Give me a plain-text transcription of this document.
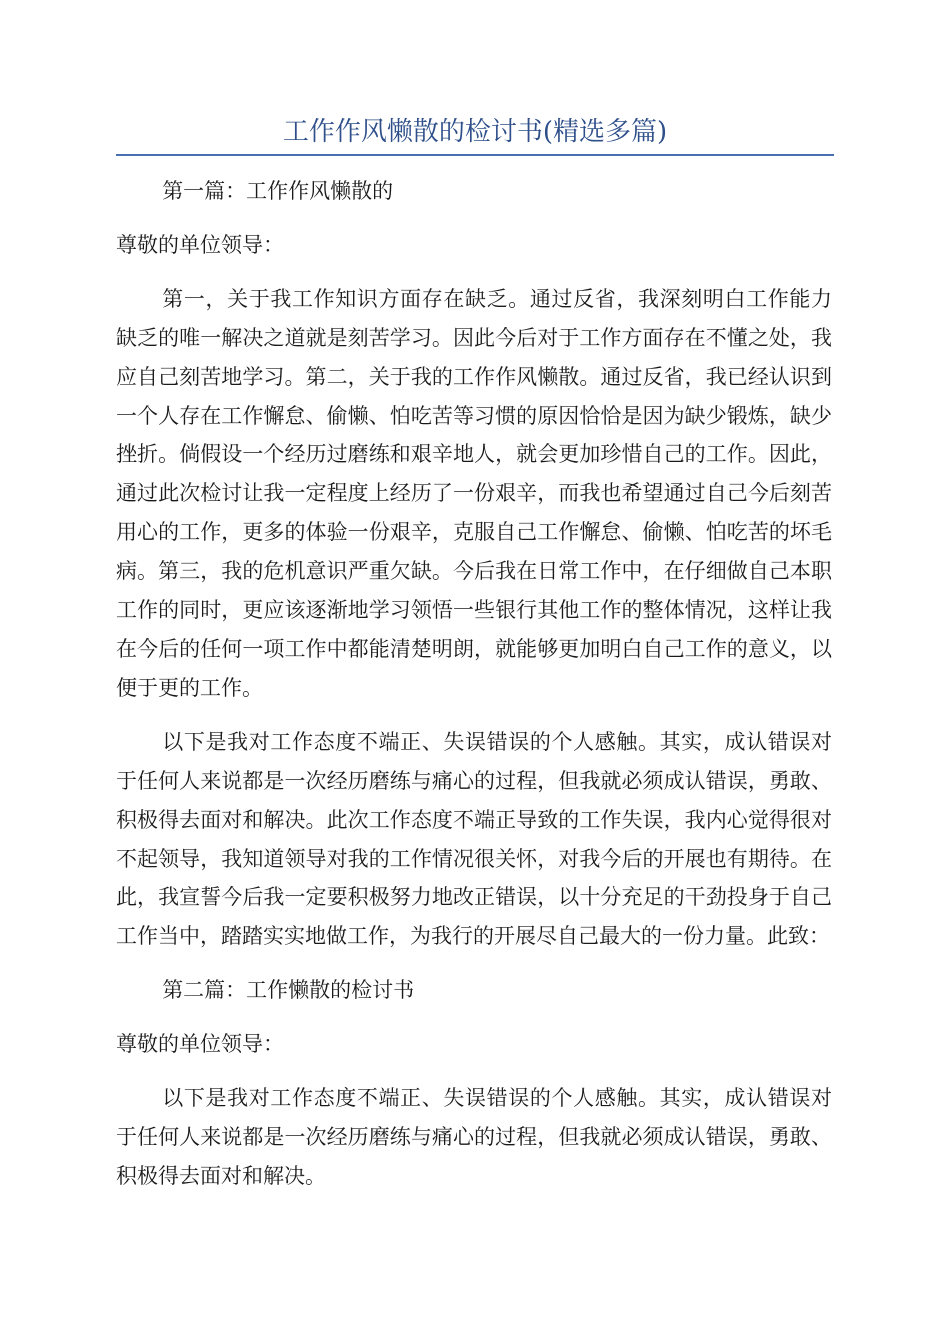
工作作风懒散的检讨书(精选多篇)

第一篇：工作作风懒散的

尊敬的单位领导：

第一，关于我工作知识方面存在缺乏。通过反省，我深刻明白工作能力缺乏的唯一解决之道就是刻苦学习。因此今后对于工作方面存在不懂之处，我应自己刻苦地学习。第二，关于我的工作作风懒散。通过反省，我已经认识到一个人存在工作懈怠、偷懒、怕吃苦等习惯的原因恰恰是因为缺少锻炼，缺少挫折。倘假设一个经历过磨练和艰辛地人，就会更加珍惜自己的工作。因此，通过此次检讨让我一定程度上经历了一份艰辛，而我也希望通过自己今后刻苦用心的工作，更多的体验一份艰辛，克服自己工作懈怠、偷懒、怕吃苦的坏毛病。第三，我的危机意识严重欠缺。今后我在日常工作中，在仔细做自己本职工作的同时，更应该逐渐地学习领悟一些银行其他工作的整体情况，这样让我在今后的任何一项工作中都能清楚明朗，就能够更加明白自己工作的意义，以便于更的工作。

以下是我对工作态度不端正、失误错误的个人感触。其实，成认错误对于任何人来说都是一次经历磨练与痛心的过程，但我就必须成认错误，勇敢、积极得去面对和解决。此次工作态度不端正导致的工作失误，我内心觉得很对不起领导，我知道领导对我的工作情况很关怀，对我今后的开展也有期待。在此，我宣誓今后我一定要积极努力地改正错误，以十分充足的干劲投身于自己工作当中，踏踏实实地做工作，为我行的开展尽自己最大的一份力量。此致：

第二篇：工作懒散的检讨书

尊敬的单位领导：

以下是我对工作态度不端正、失误错误的个人感触。其实，成认错误对于任何人来说都是一次经历磨练与痛心的过程，但我就必须成认错误，勇敢、积极得去面对和解决。
